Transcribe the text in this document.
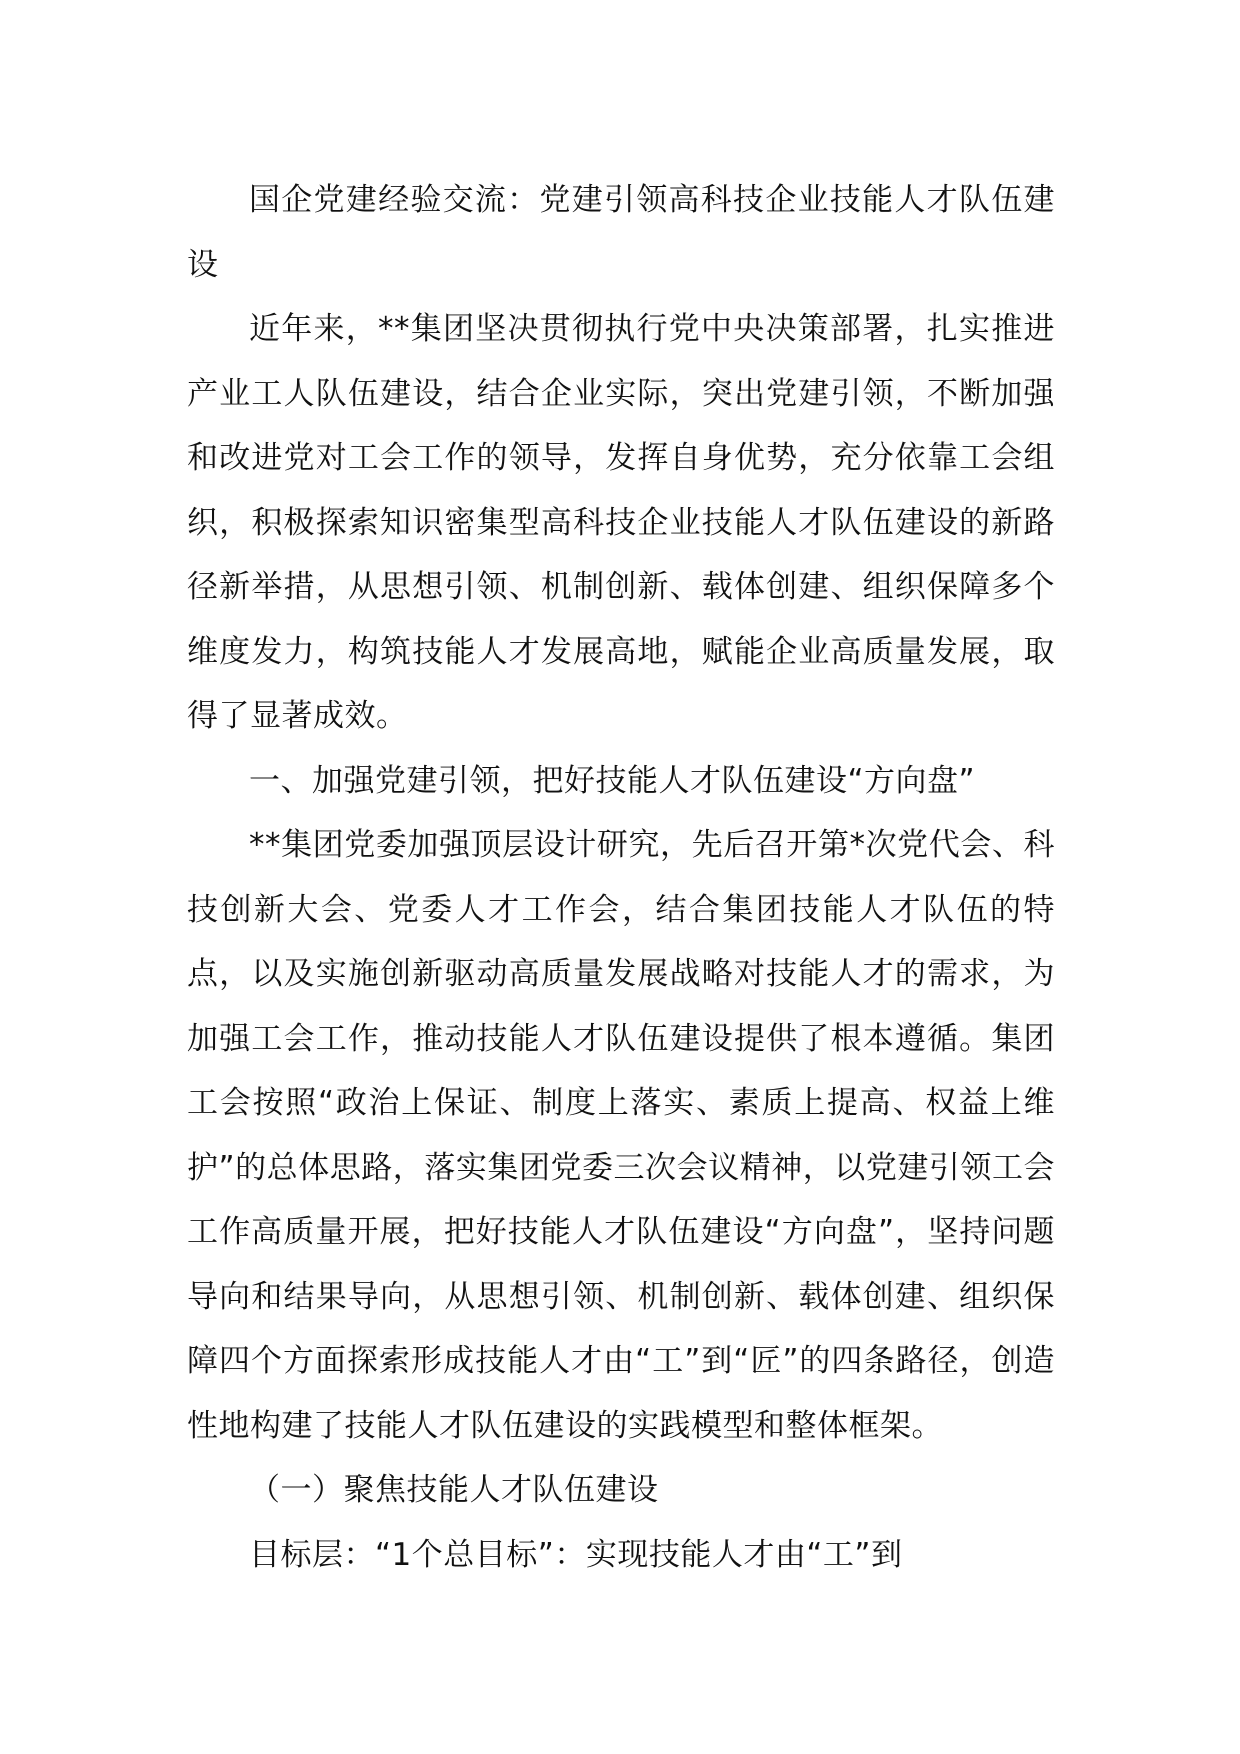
国企党建经验交流：党建引领高科技企业技能人才队伍建设

近年来，**集团坚决贯彻执行党中央决策部署，扎实推进产业工人队伍建设，结合企业实际，突出党建引领，不断加强和改进党对工会工作的领导，发挥自身优势，充分依靠工会组织，积极探索知识密集型高科技企业技能人才队伍建设的新路径新举措，从思想引领、机制创新、载体创建、组织保障多个维度发力，构筑技能人才发展高地，赋能企业高质量发展，取得了显著成效。

一、加强党建引领，把好技能人才队伍建设“方向盘”

**集团党委加强顶层设计研究，先后召开第*次党代会、科技创新大会、党委人才工作会，结合集团技能人才队伍的特点，以及实施创新驱动高质量发展战略对技能人才的需求，为加强工会工作，推动技能人才队伍建设提供了根本遵循。集团工会按照“政治上保证、制度上落实、素质上提高、权益上维护”的总体思路，落实集团党委三次会议精神，以党建引领工会工作高质量开展，把好技能人才队伍建设“方向盘”，坚持问题导向和结果导向，从思想引领、机制创新、载体创建、组织保障四个方面探索形成技能人才由“工”到“匠”的四条路径，创造性地构建了技能人才队伍建设的实践模型和整体框架。

（一）聚焦技能人才队伍建设

目标层：“1个总目标”：实现技能人才由“工”到
